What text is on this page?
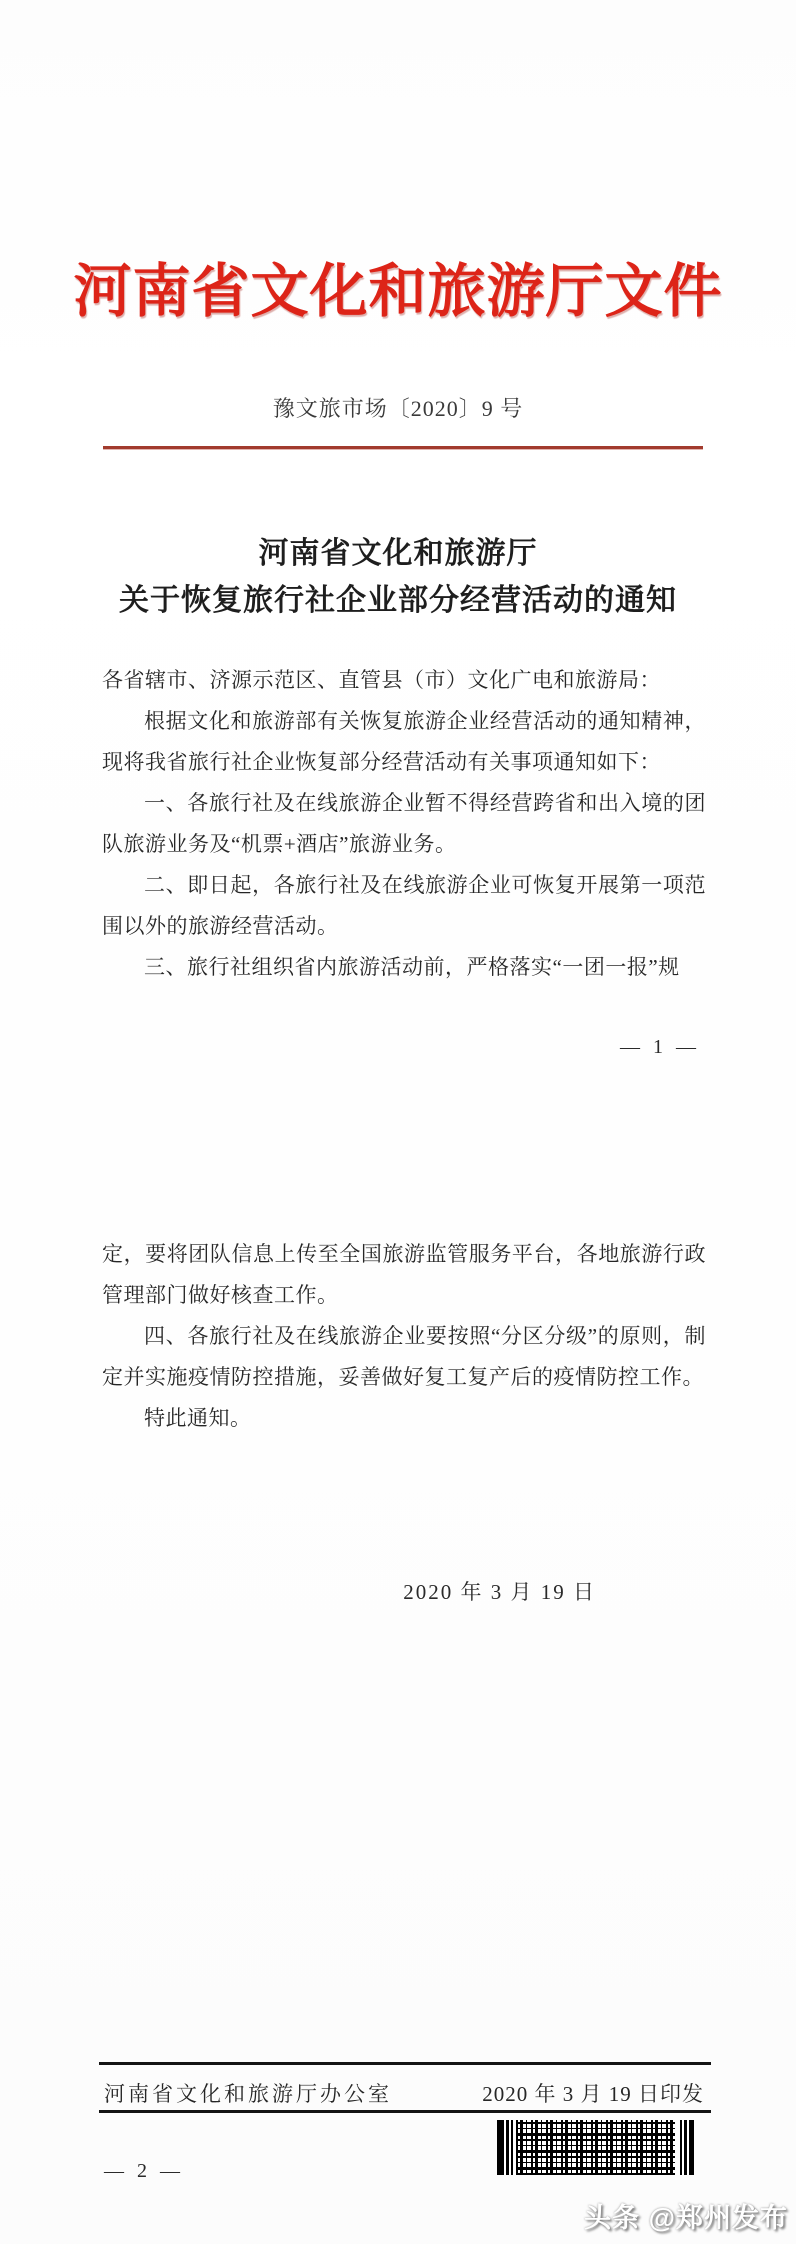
河南省文化和旅游厅文件
豫文旅市场〔2020〕9 号
河南省文化和旅游厅
关于恢复旅行社企业部分经营活动的通知

各省辖市、济源示范区、直管县（市）文化广电和旅游局：

根据文化和旅游部有关恢复旅游企业经营活动的通知精神，现将我省旅行社企业恢复部分经营活动有关事项通知如下：

一、各旅行社及在线旅游企业暂不得经营跨省和出入境的团队旅游业务及“机票+酒店”旅游业务。

二、即日起，各旅行社及在线旅游企业可恢复开展第一项范围以外的旅游经营活动。

三、旅行社组织省内旅游活动前，严格落实“一团一报”规

— 1 —

定，要将团队信息上传至全国旅游监管服务平台，各地旅游行政管理部门做好核查工作。

四、各旅行社及在线旅游企业要按照“分区分级”的原则，制定并实施疫情防控措施，妥善做好复工复产后的疫情防控工作。

特此通知。

2020 年 3 月 19 日
河南省文化和旅游厅办公室	2020 年 3 月 19 日印发
— 2 —
头条 @郑州发布
